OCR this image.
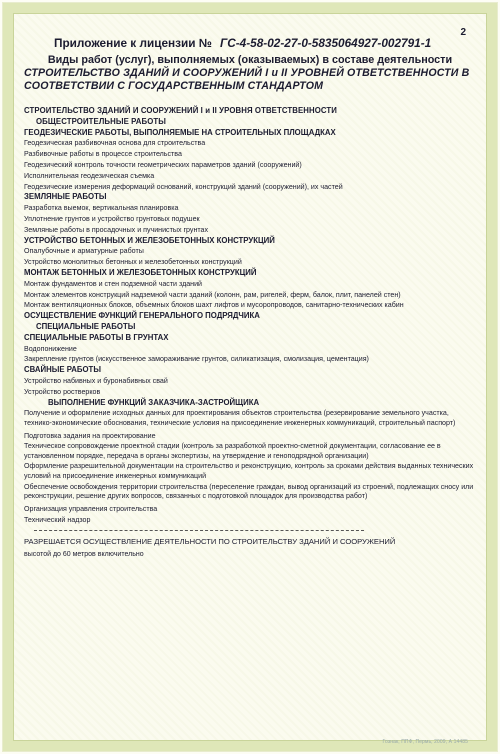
2
Приложение к лицензии № ГС-4-58-02-27-0-5835064927-002791-1
Виды работ (услуг), выполняемых (оказываемых) в составе деятельности
СТРОИТЕЛЬСТВО ЗДАНИЙ И СООРУЖЕНИЙ I и II УРОВНЕЙ ОТВЕТСТВЕННОСТИ В
СООТВЕТСТВИИ С ГОСУДАРСТВЕННЫМ СТАНДАРТОМ
СТРОИТЕЛЬСТВО ЗДАНИЙ И СООРУЖЕНИЙ I и II УРОВНЯ ОТВЕТСТВЕННОСТИ
ОБЩЕСТРОИТЕЛЬНЫЕ РАБОТЫ
ГЕОДЕЗИЧЕСКИЕ РАБОТЫ, ВЫПОЛНЯЕМЫЕ НА СТРОИТЕЛЬНЫХ ПЛОЩАДКАХ
Геодезическая разбивочная основа для строительства
Разбивочные работы в процессе строительства
Геодезический контроль точности геометрических параметров зданий (сооружений)
Исполнительная геодезическая съемка
Геодезические измерения деформаций оснований, конструкций зданий (сооружений), их частей
ЗЕМЛЯНЫЕ РАБОТЫ
Разработка выемок, вертикальная планировка
Уплотнение грунтов и устройство грунтовых подушек
Земляные работы в просадочных и пучинистых грунтах
УСТРОЙСТВО БЕТОННЫХ И ЖЕЛЕЗОБЕТОННЫХ КОНСТРУКЦИЙ
Опалубочные и арматурные работы
Устройство монолитных бетонных и железобетонных конструкций
МОНТАЖ БЕТОННЫХ И ЖЕЛЕЗОБЕТОННЫХ КОНСТРУКЦИЙ
Монтаж фундаментов и стен подземной части зданий
Монтаж элементов конструкций надземной части зданий (колонн, рам, ригелей, ферм, балок, плит, панелей стен)
Монтаж вентиляционных блоков, объемных блоков шахт лифтов и мусоропроводов, санитарно-технических кабин
ОСУЩЕСТВЛЕНИЕ ФУНКЦИЙ ГЕНЕРАЛЬНОГО ПОДРЯДЧИКА
СПЕЦИАЛЬНЫЕ РАБОТЫ
СПЕЦИАЛЬНЫЕ РАБОТЫ В ГРУНТАХ
Водопонижение
Закрепление грунтов (искусственное замораживание грунтов, силикатизация, смолизация, цементация)
СВАЙНЫЕ РАБОТЫ
Устройство набивных и буронабивных свай
Устройство ростверков
ВЫПОЛНЕНИЕ ФУНКЦИЙ ЗАКАЗЧИКА-ЗАСТРОЙЩИКА
Получение и оформление исходных данных для проектирования объектов строительства (резервирование земельного участка, технико-экономические обоснования, технические условия на присоединение инженерных коммуникаций, строительный паспорт)
Подготовка задания на проектирование
Техническое сопровождение проектной стадии (контроль за разработкой проектно-сметной документации, согласование ее в установленном порядке, передача в органы экспертизы, на утверждение и геноподрядной организации)
Оформление разрешительной документации на строительство и реконструкцию, контроль за сроками действия выданных технических условий на присоединение инженерных коммуникаций
Обеспечение освобождения территории строительства (переселение граждан, вывод организаций из строений, подлежащих сносу или реконструкции, решение других вопросов, связанных с подготовкой площадок для производства работ)
Организация управления строительства
Технический надзор
РАЗРЕШАЕТСЯ ОСУЩЕСТВЛЕНИЕ ДЕЯТЕЛЬНОСТИ ПО СТРОИТЕЛЬСТВУ ЗДАНИЙ И СООРУЖЕНИЙ
высотой до 60 метров включительно
Гознак, ППФ, Пермь, 2009, А 14485
